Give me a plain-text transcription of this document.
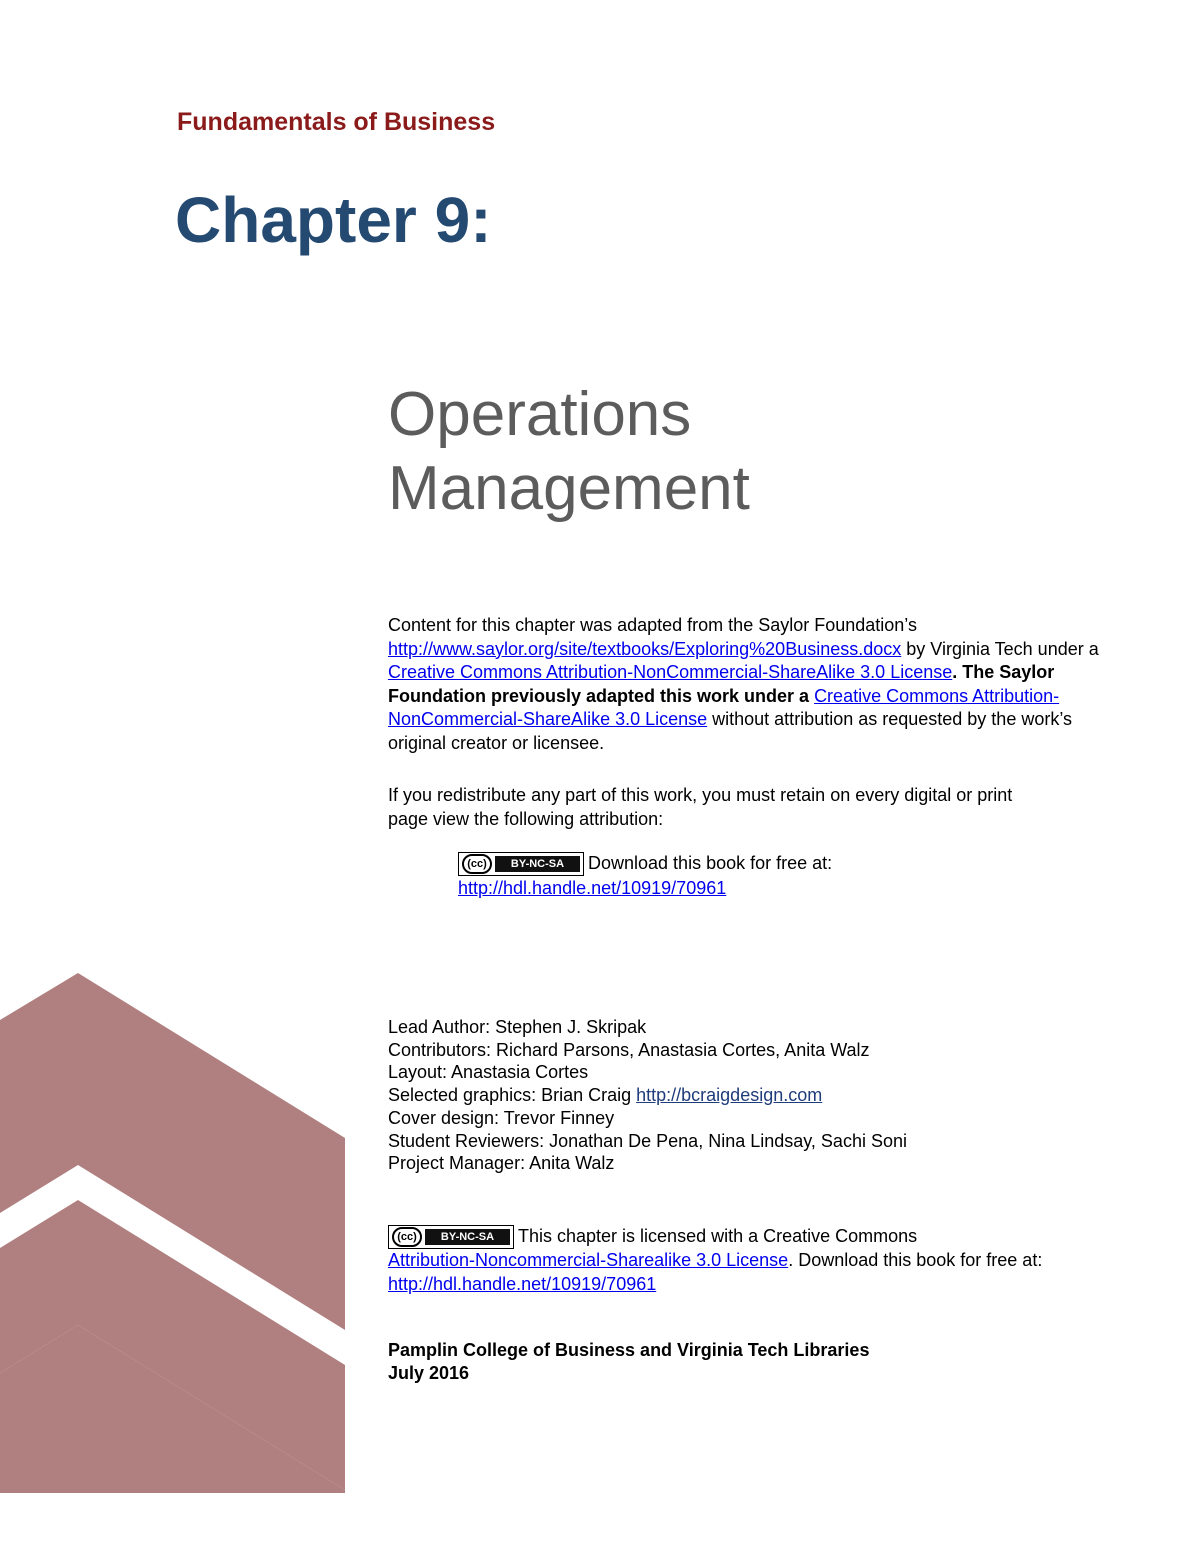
Fundamentals of Business
Chapter 9:
Operations
Management

Content for this chapter was adapted from the Saylor Foundation’s
http://www.saylor.org/site/textbooks/Exploring%20Business.docx by Virginia Tech under a Creative Commons Attribution-NonCommercial-ShareAlike 3.0 License. The Saylor Foundation previously adapted this work under a Creative Commons Attribution-NonCommercial-ShareAlike 3.0 License without attribution as requested by the work’s original creator or licensee.

If you redistribute any part of this work, you must retain on every digital or print page view the following attribution:

(cc)	BY-NC-SA	Download this book for free at:
http://hdl.handle.net/10919/70961
Lead Author: Stephen J. Skripak
Contributors: Richard Parsons, Anastasia Cortes, Anita Walz
Layout: Anastasia Cortes
Selected graphics: Brian Craig http://bcraigdesign.com
Cover design: Trevor Finney
Student Reviewers: Jonathan De Pena, Nina Lindsay, Sachi Soni
Project Manager: Anita Walz

(cc)	BY-NC-SA	This chapter is licensed with a Creative Commons
Attribution-Noncommercial-Sharealike 3.0 License. Download this book for free at: http://hdl.handle.net/10919/70961

Pamplin College of Business and Virginia Tech Libraries
July 2016
